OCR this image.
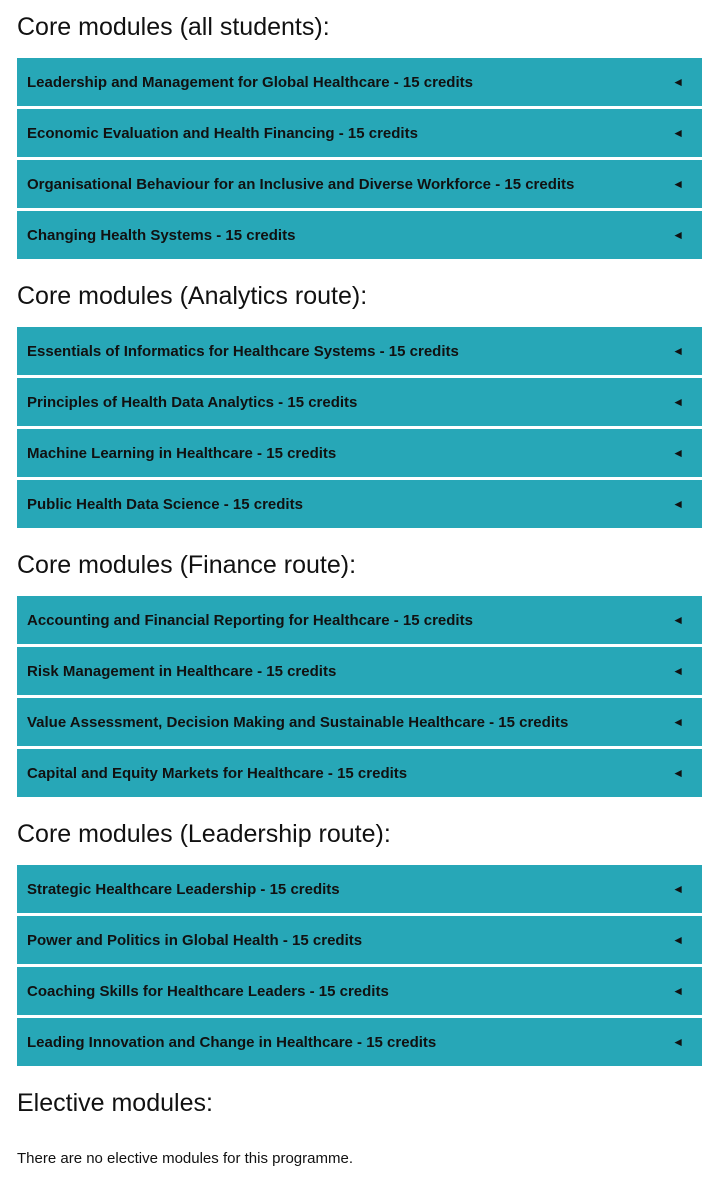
Core modules (all students):
Leadership and Management for Global Healthcare - 15 credits	◄
Economic Evaluation and Health Financing - 15 credits	◄
Organisational Behaviour for an Inclusive and Diverse Workforce - 15 credits	◄
Changing Health Systems - 15 credits	◄
Core modules (Analytics route):
Essentials of Informatics for Healthcare Systems - 15 credits	◄
Principles of Health Data Analytics - 15 credits	◄
Machine Learning in Healthcare - 15 credits	◄
Public Health Data Science - 15 credits	◄
Core modules (Finance route):
Accounting and Financial Reporting for Healthcare - 15 credits	◄
Risk Management in Healthcare - 15 credits	◄
Value Assessment, Decision Making and Sustainable Healthcare - 15 credits	◄
Capital and Equity Markets for Healthcare - 15 credits	◄
Core modules (Leadership route):
Strategic Healthcare Leadership - 15 credits	◄
Power and Politics in Global Health - 15 credits	◄
Coaching Skills for Healthcare Leaders - 15 credits	◄
Leading Innovation and Change in Healthcare - 15 credits	◄
Elective modules:

There are no elective modules for this programme.
